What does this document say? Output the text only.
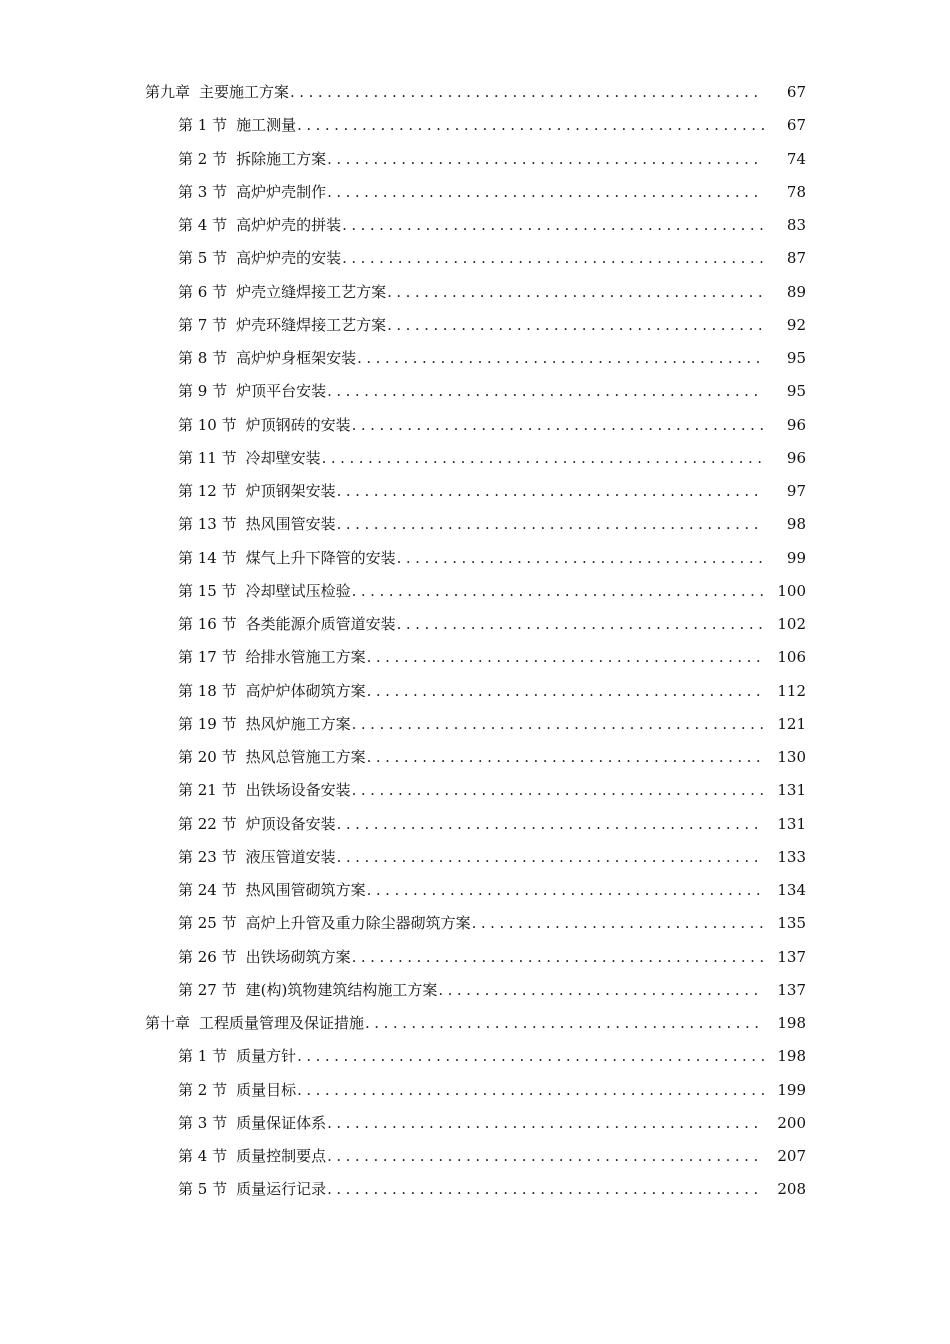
第九章 主要施工方案 .....	67
第 1 节 施工测量 .....	67
第 2 节 拆除施工方案 .....	74
第 3 节 高炉炉壳制作 .....	78
第 4 节 高炉炉壳的拼装 .....	83
第 5 节 高炉炉壳的安装 .....	87
第 6 节 炉壳立缝焊接工艺方案 .....	89
第 7 节 炉壳环缝焊接工艺方案 .....	92
第 8 节 高炉炉身框架安装 .....	95
第 9 节 炉顶平台安装 .....	95
第 10 节 炉顶钢砖的安装 .....	96
第 11 节 冷却壁安装 .....	96
第 12 节 炉顶钢架安装 .....	97
第 13 节 热风围管安装 .....	98
第 14 节 煤气上升下降管的安装 .....	99
第 15 节 冷却壁试压检验 .....	100
第 16 节 各类能源介质管道安装 .....	102
第 17 节 给排水管施工方案 .....	106
第 18 节 高炉炉体砌筑方案 .....	112
第 19 节 热风炉施工方案 .....	121
第 20 节 热风总管施工方案 .....	130
第 21 节 出铁场设备安装 .....	131
第 22 节 炉顶设备安装 .....	131
第 23 节 液压管道安装 .....	133
第 24 节 热风围管砌筑方案 .....	134
第 25 节 高炉上升管及重力除尘器砌筑方案 .....	135
第 26 节 出铁场砌筑方案 .....	137
第 27 节 建(构)筑物建筑结构施工方案 .....	137
第十章 工程质量管理及保证措施 .....	198
第 1 节 质量方针 .....	198
第 2 节 质量目标 .....	199
第 3 节 质量保证体系 .....	200
第 4 节 质量控制要点 .....	207
第 5 节 质量运行记录 .....	208
